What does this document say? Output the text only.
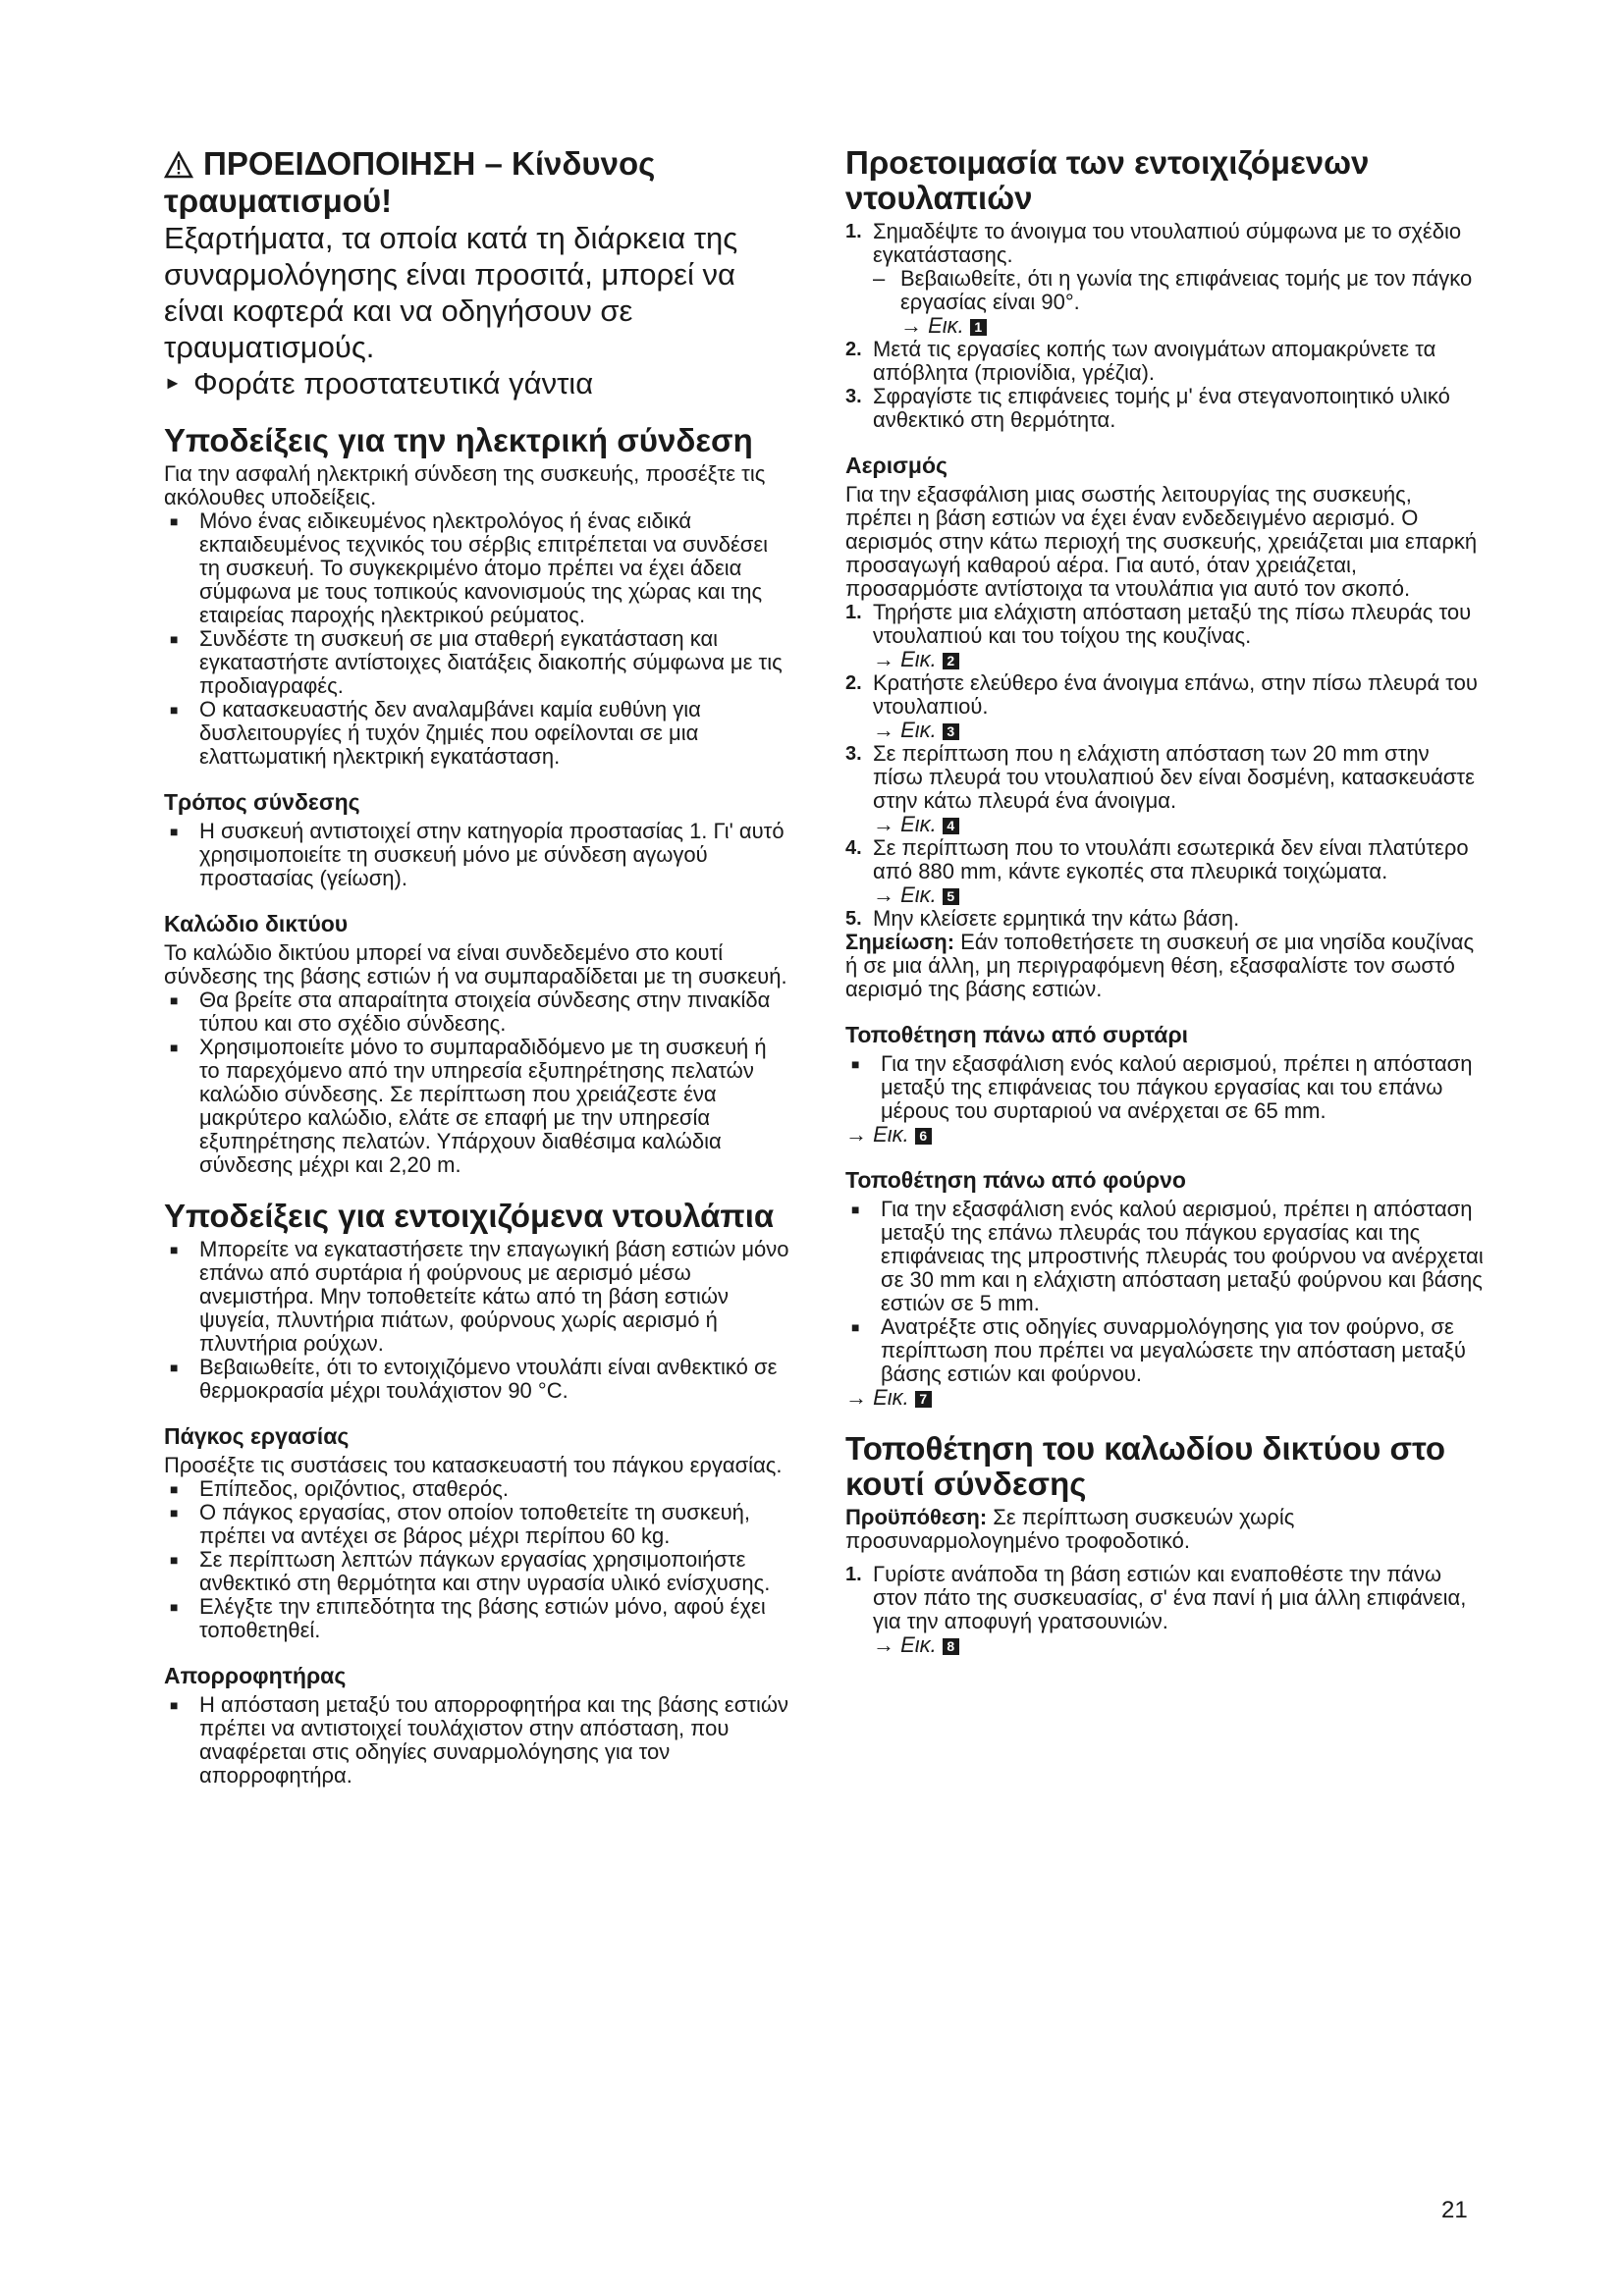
ΠΡΟΕΙΔΟΠΟΙΗΣΗ – Κίνδυνος τραυματισμού!

Εξαρτήματα, τα οποία κατά τη διάρκεια της συναρμολόγησης είναι προσιτά, μπορεί να είναι κοφτερά και να οδηγήσουν σε τραυματισμούς.

► Φοράτε προστατευτικά γάντια

Υποδείξεις για την ηλεκτρική σύνδεση

Για την ασφαλή ηλεκτρική σύνδεση της συσκευής, προσέξτε τις ακόλουθες υποδείξεις.

■ Μόνο ένας ειδικευμένος ηλεκτρολόγος ή ένας ειδικά εκπαιδευμένος τεχνικός του σέρβις επιτρέπεται να συνδέσει τη συσκευή. Το συγκεκριμένο άτομο πρέπει να έχει άδεια σύμφωνα με τους τοπικούς κανονισμούς της χώρας και της εταιρείας παροχής ηλεκτρικού ρεύματος.
■ Συνδέστε τη συσκευή σε μια σταθερή εγκατάσταση και εγκαταστήστε αντίστοιχες διατάξεις διακοπής σύμφωνα με τις προδιαγραφές.
■ Ο κατασκευαστής δεν αναλαμβάνει καμία ευθύνη για δυσλειτουργίες ή τυχόν ζημιές που οφείλονται σε μια ελαττωματική ηλεκτρική εγκατάσταση.
Τρόπος σύνδεσης
■ Η συσκευή αντιστοιχεί στην κατηγορία προστασίας 1. Γι' αυτό χρησιμοποιείτε τη συσκευή μόνο με σύνδεση αγωγού προστασίας (γείωση).
Καλώδιο δικτύου

Το καλώδιο δικτύου μπορεί να είναι συνδεδεμένο στο κουτί σύνδεσης της βάσης εστιών ή να συμπαραδίδεται με τη συσκευή.

■ Θα βρείτε στα απαραίτητα στοιχεία σύνδεσης στην πινακίδα τύπου και στο σχέδιο σύνδεσης.
■ Χρησιμοποιείτε μόνο το συμπαραδιδόμενο με τη συσκευή ή το παρεχόμενο από την υπηρεσία εξυπηρέτησης πελατών καλώδιο σύνδεσης. Σε περίπτωση που χρειάζεστε ένα μακρύτερο καλώδιο, ελάτε σε επαφή με την υπηρεσία εξυπηρέτησης πελατών. Υπάρχουν διαθέσιμα καλώδια σύνδεσης μέχρι και 2,20 m.
Υποδείξεις για εντοιχιζόμενα ντουλάπια
■ Μπορείτε να εγκαταστήσετε την επαγωγική βάση εστιών μόνο επάνω από συρτάρια ή φούρνους με αερισμό μέσω ανεμιστήρα. Μην τοποθετείτε κάτω από τη βάση εστιών ψυγεία, πλυντήρια πιάτων, φούρνους χωρίς αερισμό ή πλυντήρια ρούχων.
■ Βεβαιωθείτε, ότι το εντοιχιζόμενο ντουλάπι είναι ανθεκτικό σε θερμοκρασία μέχρι τουλάχιστον 90 °C.
Πάγκος εργασίας

Προσέξτε τις συστάσεις του κατασκευαστή του πάγκου εργασίας.

■ Επίπεδος, οριζόντιος, σταθερός.
■ Ο πάγκος εργασίας, στον οποίον τοποθετείτε τη συσκευή, πρέπει να αντέχει σε βάρος μέχρι περίπου 60 kg.
■ Σε περίπτωση λεπτών πάγκων εργασίας χρησιμοποιήστε ανθεκτικό στη θερμότητα και στην υγρασία υλικό ενίσχυσης.
■ Ελέγξτε την επιπεδότητα της βάσης εστιών μόνο, αφού έχει τοποθετηθεί.
Απορροφητήρας
■ Η απόσταση μεταξύ του απορροφητήρα και της βάσης εστιών πρέπει να αντιστοιχεί τουλάχιστον στην απόσταση, που αναφέρεται στις οδηγίες συναρμολόγησης για τον απορροφητήρα.
Προετοιμασία των εντοιχιζόμενων ντουλαπιών
1. Σημαδέψτε το άνοιγμα του ντουλαπιού σύμφωνα με το σχέδιο εγκατάστασης.
– Βεβαιωθείτε, ότι η γωνία της επιφάνειας τομής με τον πάγκο εργασίας είναι 90°.
→ Εικ. 1
2. Μετά τις εργασίες κοπής των ανοιγμάτων απομακρύνετε τα απόβλητα (πριονίδια, γρέζια).
3. Σφραγίστε τις επιφάνειες τομής μ' ένα στεγανοποιητικό υλικό ανθεκτικό στη θερμότητα.
Αερισμός

Για την εξασφάλιση μιας σωστής λειτουργίας της συσκευής, πρέπει η βάση εστιών να έχει έναν ενδεδειγμένο αερισμό. Ο αερισμός στην κάτω περιοχή της συσκευής, χρειάζεται μια επαρκή προσαγωγή καθαρού αέρα. Για αυτό, όταν χρειάζεται, προσαρμόστε αντίστοιχα τα ντουλάπια για αυτό τον σκοπό.

1. Τηρήστε μια ελάχιστη απόσταση μεταξύ της πίσω πλευράς του ντουλαπιού και του τοίχου της κουζίνας.
→ Εικ. 2
2. Κρατήστε ελεύθερο ένα άνοιγμα επάνω, στην πίσω πλευρά του ντουλαπιού.
→ Εικ. 3
3. Σε περίπτωση που η ελάχιστη απόσταση των 20 mm στην πίσω πλευρά του ντουλαπιού δεν είναι δοσμένη, κατασκευάστε στην κάτω πλευρά ένα άνοιγμα.
→ Εικ. 4
4. Σε περίπτωση που το ντουλάπι εσωτερικά δεν είναι πλατύτερο από 880 mm, κάντε εγκοπές στα πλευρικά τοιχώματα.
→ Εικ. 5
5. Μην κλείσετε ερμητικά την κάτω βάση.

Σημείωση: Εάν τοποθετήσετε τη συσκευή σε μια νησίδα κουζίνας ή σε μια άλλη, μη περιγραφόμενη θέση, εξασφαλίστε τον σωστό αερισμό της βάσης εστιών.

Τοποθέτηση πάνω από συρτάρι
■ Για την εξασφάλιση ενός καλού αερισμού, πρέπει η απόσταση μεταξύ της επιφάνειας του πάγκου εργασίας και του επάνω μέρους του συρταριού να ανέρχεται σε 65 mm.
→ Εικ. 6
Τοποθέτηση πάνω από φούρνο
■ Για την εξασφάλιση ενός καλού αερισμού, πρέπει η απόσταση μεταξύ της επάνω πλευράς του πάγκου εργασίας και της επιφάνειας της μπροστινής πλευράς του φούρνου να ανέρχεται σε 30 mm και η ελάχιστη απόσταση μεταξύ φούρνου και βάσης εστιών σε 5 mm.
■ Ανατρέξτε στις οδηγίες συναρμολόγησης για τον φούρνο, σε περίπτωση που πρέπει να μεγαλώσετε την απόσταση μεταξύ βάσης εστιών και φούρνου.
→ Εικ. 7
Τοποθέτηση του καλωδίου δικτύου στο κουτί σύνδεσης

Προϋπόθεση: Σε περίπτωση συσκευών χωρίς προσυναρμολογημένο τροφοδοτικό.

1. Γυρίστε ανάποδα τη βάση εστιών και εναποθέστε την πάνω στον πάτο της συσκευασίας, σ' ένα πανί ή μια άλλη επιφάνεια, για την αποφυγή γρατσουνιών.
→ Εικ. 8
21
